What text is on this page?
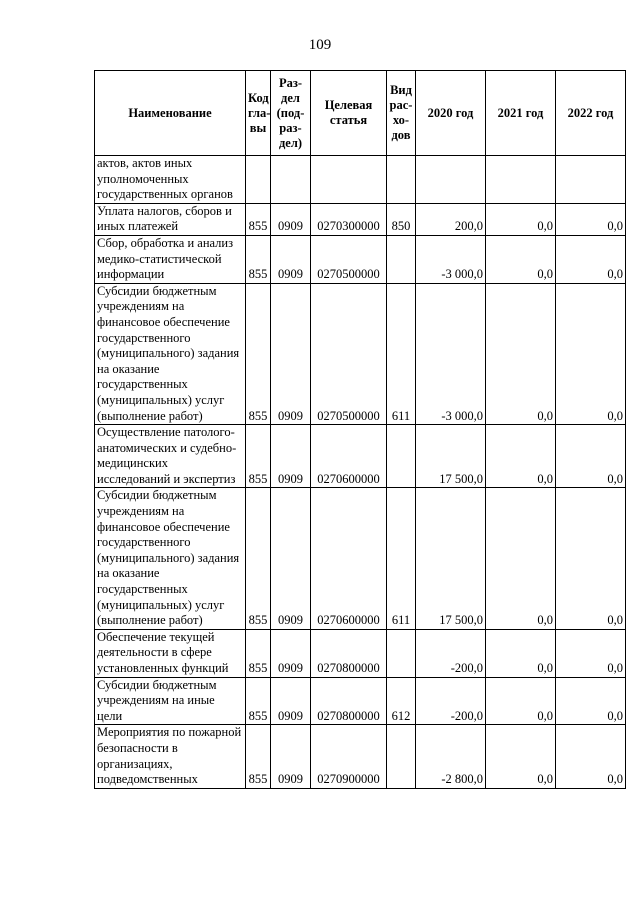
109
Наименование	Код гла- вы	Раз- дел (под- раз- дел)	Целевая статья	Вид рас- хо- дов	2020 год	2021 год	2022 год
актов, актов иных уполномоченных государственных органов							
Уплата налогов, сборов и иных платежей	855	0909	0270300000	850	200,0	0,0	0,0
Сбор, обработка и анализ медико-статистической информации	855	0909	0270500000		-3 000,0	0,0	0,0
Субсидии бюджетным учреждениям на финансовое обеспечение государственного (муниципального) задания на оказание государственных (муниципальных) услуг (выполнение работ)	855	0909	0270500000	611	-3 000,0	0,0	0,0
Осуществление патолого-анатомических и судебно-медицинских исследований и экспертиз	855	0909	0270600000		17 500,0	0,0	0,0
Субсидии бюджетным учреждениям на финансовое обеспечение государственного (муниципального) задания на оказание государственных (муниципальных) услуг (выполнение работ)	855	0909	0270600000	611	17 500,0	0,0	0,0
Обеспечение текущей деятельности в сфере установленных функций	855	0909	0270800000		-200,0	0,0	0,0
Субсидии бюджетным учреждениям на иные цели	855	0909	0270800000	612	-200,0	0,0	0,0
Мероприятия по пожарной безопасности в организациях, подведомственных	855	0909	0270900000		-2 800,0	0,0	0,0
